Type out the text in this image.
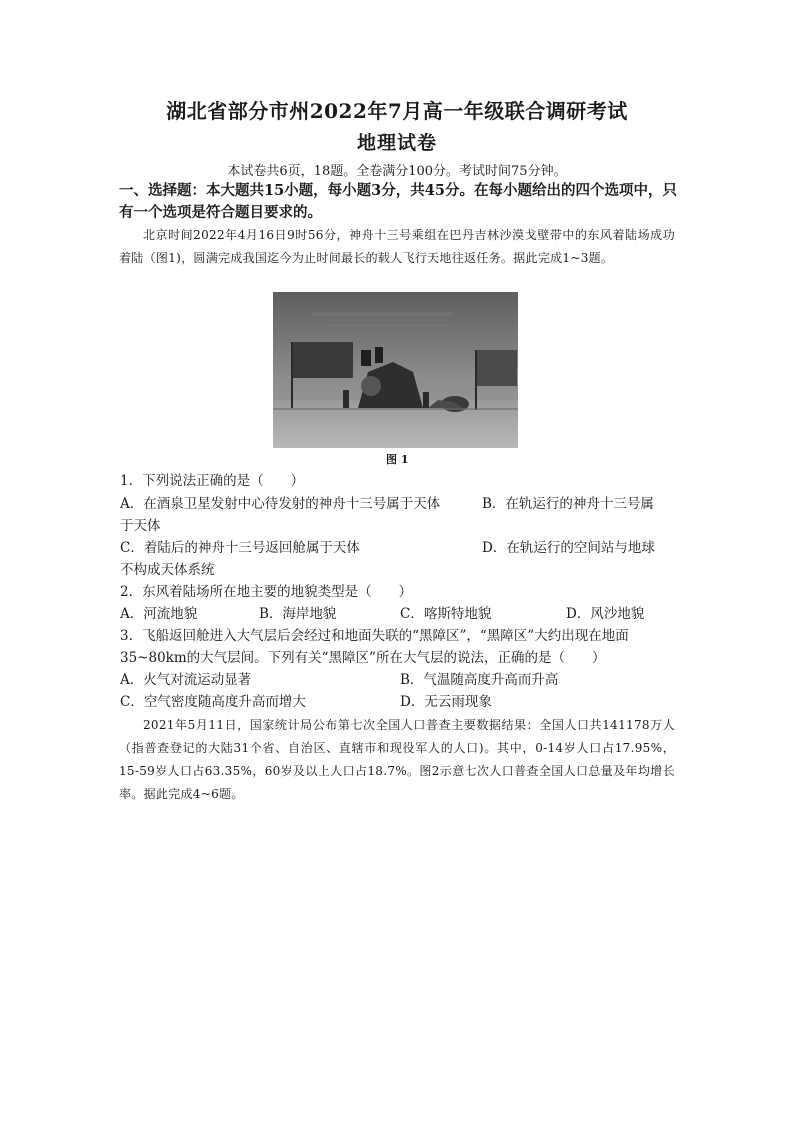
湖北省部分市州2022年7月高一年级联合调研考试
地理试卷
本试卷共6页，18题。全卷满分100分。考试时间75分钟。
一、选择题：本大题共15小题，每小题3分，共45分。在每小题给出的四个选项中，只
有一个选项是符合题目要求的。
北京时间2022年4月16日9时56分，神舟十三号乘组在巴丹吉林沙漠戈壁带中的东风着陆场成功着陆（图1)，圆满完成我国迄今为止时间最长的载人飞行天地往返任务。据此完成1~3题。
图 1
1．下列说法正确的是（　　）
A．在酒泉卫星发射中心待发射的神舟十三号属于天体	B．在轨运行的神舟十三号属
于天体
C．着陆后的神舟十三号返回舱属于天体	D．在轨运行的空间站与地球
不构成天体系统
2．东风着陆场所在地主要的地貌类型是（　　）
A．河流地貌	B．海岸地貌	C．喀斯特地貌	D．风沙地貌
3．飞船返回舱进入大气层后会经过和地面失联的“黑障区”，“黑障区”大约出现在地面
35~80km的大气层间。下列有关“黑障区”所在大气层的说法，正确的是（　　）
A．火气对流运动显著	B．气温随高度升高而升高
C．空气密度随高度升高而增大	D．无云雨现象
2021年5月11日，国家统计局公布第七次全国人口普查主要数据结果：全国人口共141178万人（指普查登记的大陆31个省、自治区、直辖市和现役军人的人口)。其中，0-14岁人口占17.95%，15-59岁人口占63.35%，60岁及以上人口占18.7%。图2示意七次人口普查全国人口总量及年均增长率。据此完成4~6题。
